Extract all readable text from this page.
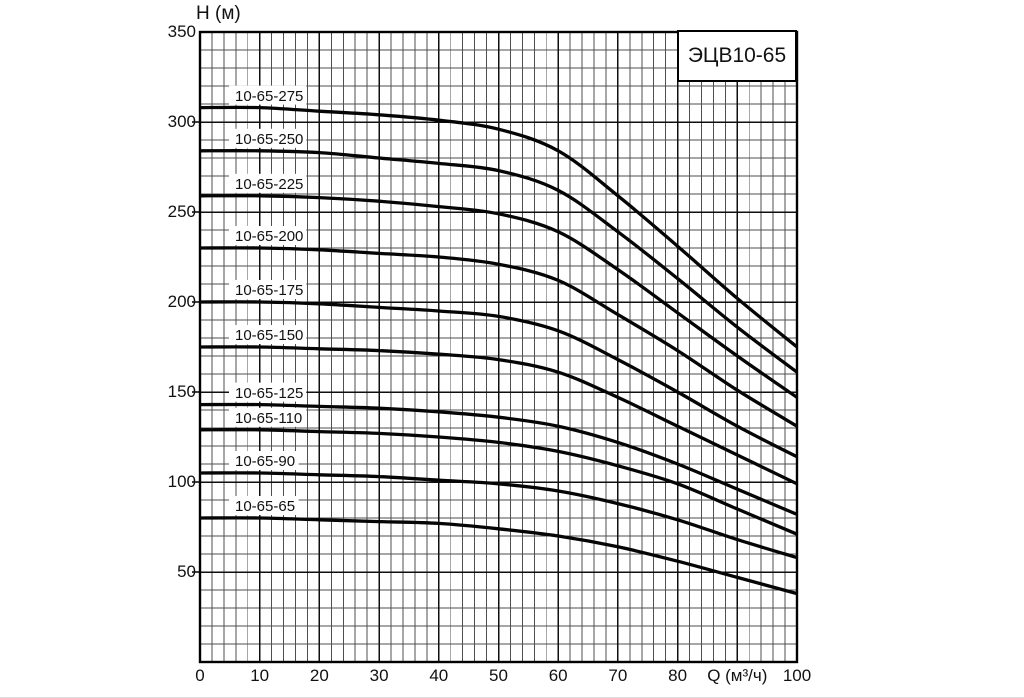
10-65-275
10-65-250
10-65-225
10-65-200
10-65-175
10-65-150
10-65-125
10-65-110
10-65-90
10-65-65
H (м)
ЭЦВ10-65
350
300
250
200
150
100
50
0	10	20	30	40	50	60	70	80	100
Q (м³/ч)
